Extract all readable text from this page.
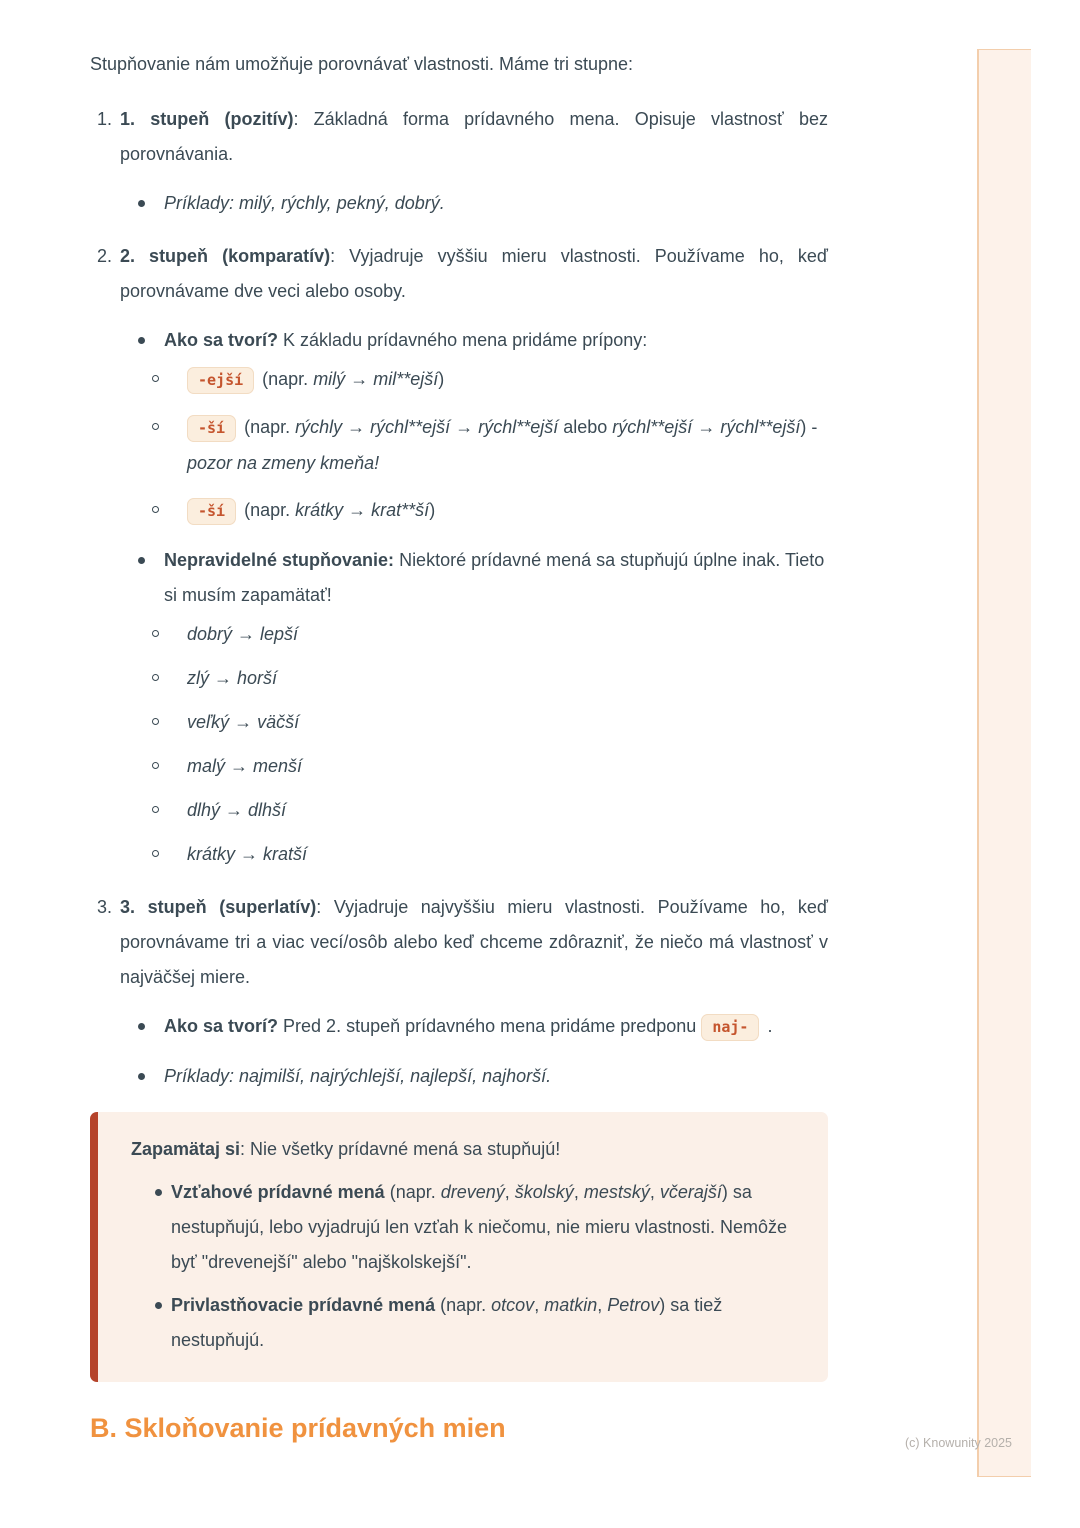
Stupňovanie nám umožňuje porovnávať vlastnosti. Máme tri stupne:

1. 1. stupeň (pozitív): Základná forma prídavného mena. Opisuje vlastnosť bez porovnávania.
Príklady: milý, rýchly, pekný, dobrý.
2. 2. stupeň (komparatív): Vyjadruje vyššiu mieru vlastnosti. Používame ho, keď porovnávame dve veci alebo osoby.
Ako sa tvorí? K základu prídavného mena pridáme prípony:
-ejší (napr. milý → mil**ejší)
-ší (napr. rýchly → rýchl**ejší → rýchl**ejší alebo rýchl**ejší → rýchl**ejší) - pozor na zmeny kmeňa!
-ší (napr. krátky → krat**ší)
Nepravidelné stupňovanie: Niektoré prídavné mená sa stupňujú úplne inak. Tieto si musím zapamätať!
dobrý → lepší
zlý → horší
veľký → väčší
malý → menší
dlhý → dlhší
krátky → kratší
3. 3. stupeň (superlatív): Vyjadruje najvyššiu mieru vlastnosti. Používame ho, keď porovnávame tri a viac vecí/osôb alebo keď chceme zdôrazniť, že niečo má vlastnosť v najväčšej miere.
Ako sa tvorí? Pred 2. stupeň prídavného mena pridáme predponu naj- .
Príklady: najmilší, najrýchlejší, najlepší, najhorší.
Zapamätaj si: Nie všetky prídavné mená sa stupňujú!
Vzťahové prídavné mená (napr. drevený, školský, mestský, včerajší) sa nestupňujú, lebo vyjadrujú len vzťah k niečomu, nie mieru vlastnosti. Nemôže byť "drevenejší" alebo "najškolskejší".
Privlastňovacie prídavné mená (napr. otcov, matkin, Petrov) sa tiež nestupňujú.
B. Skloňovanie prídavných mien	(c) Knowunity 2025
